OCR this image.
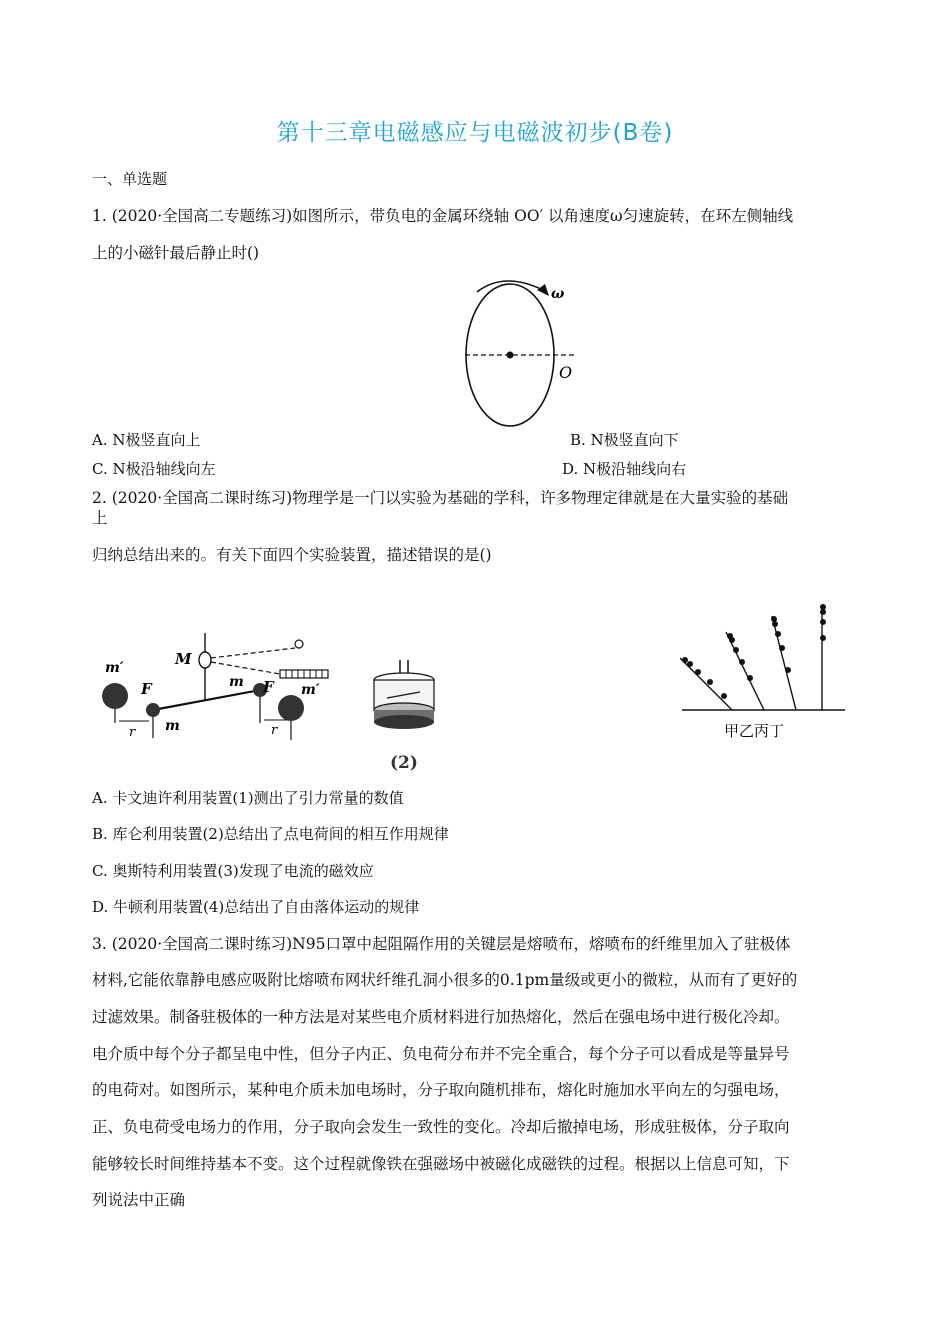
第十三章电磁感应与电磁波初步(B卷)
一、单选题
1. (2020·全国高二专题练习)如图所示，带负电的金属环绕轴 OO′ 以角速度ω匀速旋转，在环左侧轴线
上的小磁针最后静止时()
ω
O
A. N极竖直向上	B. N极竖直向下
C. N极沿轴线向左	D. N极沿轴线向右
2. (2020·全国高二课时练习)物理学是一门以实验为基础的学科，许多物理定律就是在大量实验的基础
上
归纳总结出来的。有关下面四个实验装置，描述错误的是()
m′
F
m
M
m F m′
r	r
(2)
甲乙丙丁
A. 卡文迪许利用装置(1)测出了引力常量的数值
B. 库仑利用装置(2)总结出了点电荷间的相互作用规律
C. 奥斯特利用装置(3)发现了电流的磁效应
D. 牛顿利用装置(4)总结出了自由落体运动的规律
3. (2020·全国高二课时练习)N95口罩中起阻隔作用的关键层是熔喷布，熔喷布的纤维里加入了驻极体
材料,它能依靠静电感应吸附比熔喷布网状纤维孔洞小很多的0.1pm量级或更小的微粒，从而有了更好的
过滤效果。制备驻极体的一种方法是对某些电介质材料进行加热熔化，然后在强电场中进行极化冷却。
电介质中每个分子都呈电中性，但分子内正、负电荷分布并不完全重合，每个分子可以看成是等量异号
的电荷对。如图所示，某种电介质未加电场时，分子取向随机排布，熔化时施加水平向左的匀强电场，
正、负电荷受电场力的作用，分子取向会发生一致性的变化。冷却后撤掉电场，形成驻极体，分子取向
能够较长时间维持基本不变。这个过程就像铁在强磁场中被磁化成磁铁的过程。根据以上信息可知，下
列说法中正确
